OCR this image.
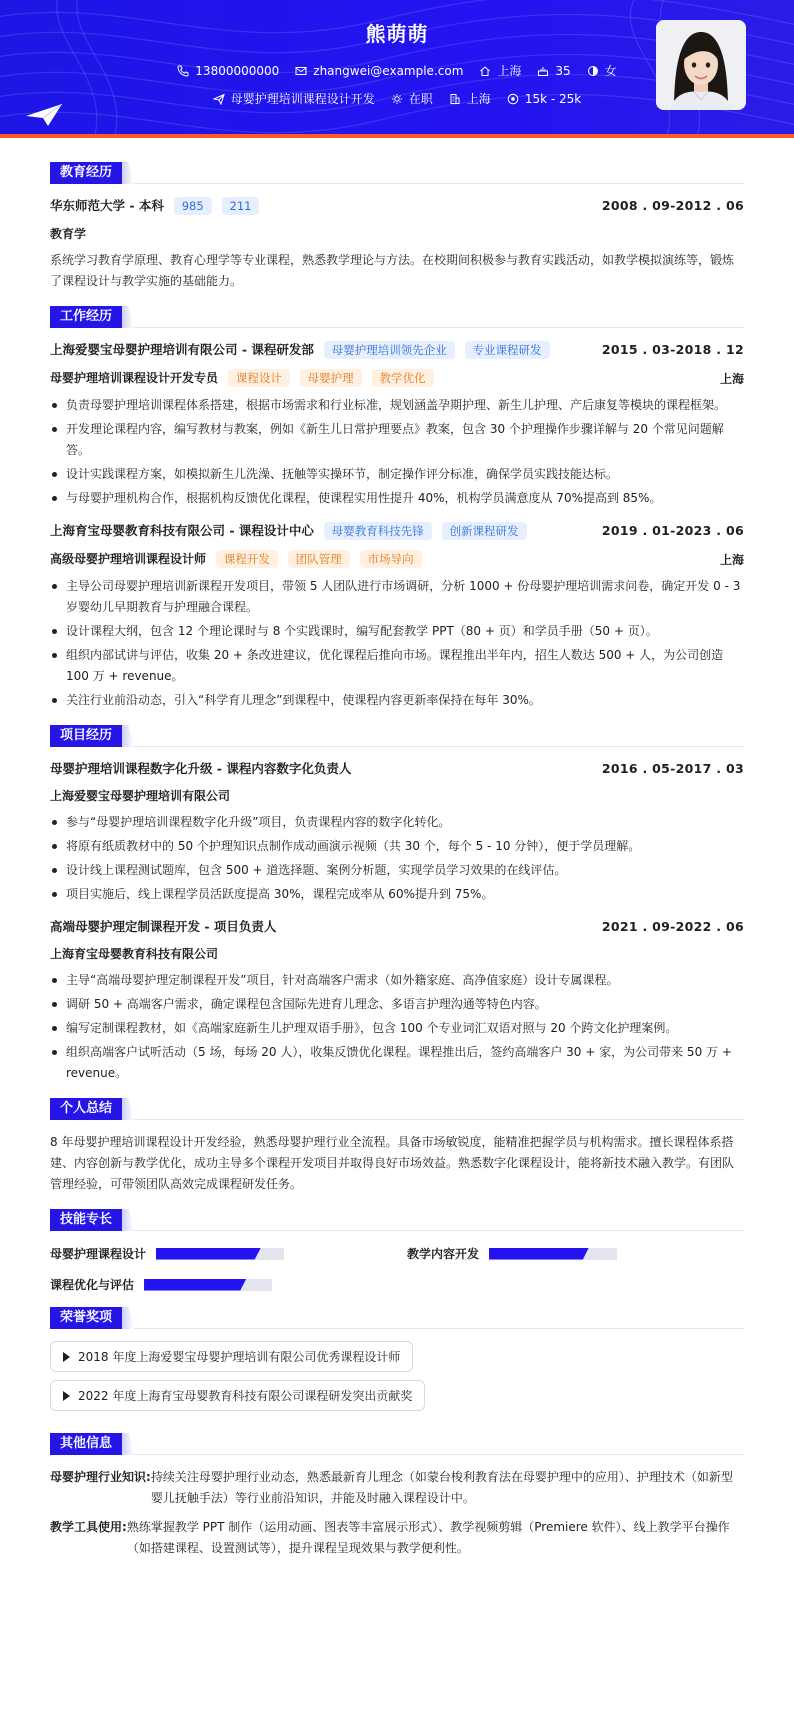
熊萌萌
13800000000	zhangwei@example.com	上海	35	女
母婴护理培训课程设计开发	在职	上海	15k - 25k
教育经历
华东师范大学 - 本科 985 211	2008 . 09-2012 . 06
教育学
系统学习教育学原理、教育心理学等专业课程，熟悉教学理论与方法。在校期间积极参与教育实践活动，如教学模拟演练等，锻炼了课程设计与教学实施的基础能力。
工作经历
上海爱婴宝母婴护理培训有限公司 - 课程研发部 母婴护理培训领先企业 专业课程研发	2015 . 03-2018 . 12
母婴护理培训课程设计开发专员 课程设计 母婴护理 教学优化	上海
负责母婴护理培训课程体系搭建，根据市场需求和行业标准，规划涵盖孕期护理、新生儿护理、产后康复等模块的课程框架。
开发理论课程内容，编写教材与教案，例如《新生儿日常护理要点》教案，包含 30 个护理操作步骤详解与 20 个常见问题解答。
设计实践课程方案，如模拟新生儿洗澡、抚触等实操环节，制定操作评分标准，确保学员实践技能达标。
与母婴护理机构合作，根据机构反馈优化课程，使课程实用性提升 40%，机构学员满意度从 70%提高到 85%。
上海育宝母婴教育科技有限公司 - 课程设计中心 母婴教育科技先锋 创新课程研发	2019 . 01-2023 . 06
高级母婴护理培训课程设计师 课程开发 团队管理 市场导向	上海
主导公司母婴护理培训新课程开发项目，带领 5 人团队进行市场调研，分析 1000 + 份母婴护理培训需求问卷，确定开发 0 - 3 岁婴幼儿早期教育与护理融合课程。
设计课程大纲，包含 12 个理论课时与 8 个实践课时，编写配套教学 PPT（80 + 页）和学员手册（50 + 页）。
组织内部试讲与评估，收集 20 + 条改进建议，优化课程后推向市场。课程推出半年内，招生人数达 500 + 人，为公司创造 100 万 + revenue。
关注行业前沿动态，引入“科学育儿理念”到课程中，使课程内容更新率保持在每年 30%。
项目经历
母婴护理培训课程数字化升级 - 课程内容数字化负责人	2016 . 05-2017 . 03
上海爱婴宝母婴护理培训有限公司
参与“母婴护理培训课程数字化升级”项目，负责课程内容的数字化转化。
将原有纸质教材中的 50 个护理知识点制作成动画演示视频（共 30 个，每个 5 - 10 分钟），便于学员理解。
设计线上课程测试题库，包含 500 + 道选择题、案例分析题，实现学员学习效果的在线评估。
项目实施后，线上课程学员活跃度提高 30%，课程完成率从 60%提升到 75%。
高端母婴护理定制课程开发 - 项目负责人	2021 . 09-2022 . 06
上海育宝母婴教育科技有限公司
主导“高端母婴护理定制课程开发”项目，针对高端客户需求（如外籍家庭、高净值家庭）设计专属课程。
调研 50 + 高端客户需求，确定课程包含国际先进育儿理念、多语言护理沟通等特色内容。
编写定制课程教材，如《高端家庭新生儿护理双语手册》，包含 100 个专业词汇双语对照与 20 个跨文化护理案例。
组织高端客户试听活动（5 场，每场 20 人），收集反馈优化课程。课程推出后，签约高端客户 30 + 家，为公司带来 50 万 + revenue。
个人总结
8 年母婴护理培训课程设计开发经验，熟悉母婴护理行业全流程。具备市场敏锐度，能精准把握学员与机构需求。擅长课程体系搭建、内容创新与教学优化，成功主导多个课程开发项目并取得良好市场效益。熟悉数字化课程设计，能将新技术融入教学。有团队管理经验，可带领团队高效完成课程研发任务。
技能专长
母婴护理课程设计	教学内容开发
课程优化与评估
荣誉奖项
2018 年度上海爱婴宝母婴护理培训有限公司优秀课程设计师

2022 年度上海育宝母婴教育科技有限公司课程研发突出贡献奖
其他信息
母婴护理行业知识: 持续关注母婴护理行业动态，熟悉最新育儿理念（如蒙台梭利教育法在母婴护理中的应用）、护理技术（如新型婴儿抚触手法）等行业前沿知识，并能及时融入课程设计中。
教学工具使用: 熟练掌握教学 PPT 制作（运用动画、图表等丰富展示形式）、教学视频剪辑（Premiere 软件）、线上教学平台操作（如搭建课程、设置测试等），提升课程呈现效果与教学便利性。
